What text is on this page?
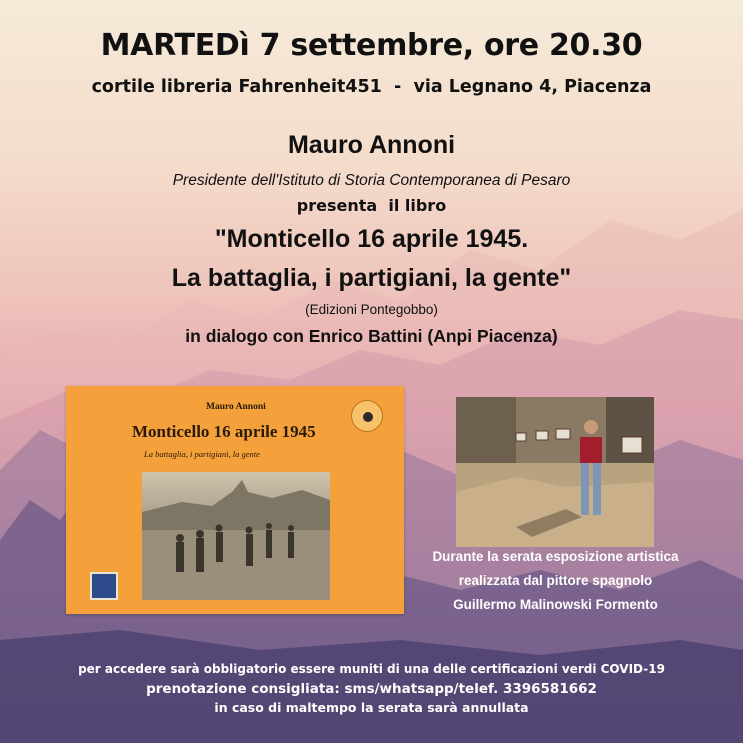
MARTEDì 7 settembre, ore 20.30
cortile libreria Fahrenheit451  -  via Legnano 4, Piacenza
Mauro Annoni
Presidente dell'Istituto di Storia Contemporanea di Pesaro
presenta  il libro
"Monticello 16 aprile 1945.
La battaglia, i partigiani, la gente"
(Edizioni Pontegobbo)
in dialogo con Enrico Battini (Anpi Piacenza)
Mauro Annoni
Monticello 16 aprile 1945
La battaglia, i partigiani, la gente
Durante la serata esposizione artistica
realizzata dal pittore spagnolo
Guillermo Malinowski Formento
per accedere sarà obbligatorio essere muniti di una delle certificazioni verdi COVID-19
prenotazione consigliata: sms/whatsapp/telef. 3396581662
in caso di maltempo la serata sarà annullata
